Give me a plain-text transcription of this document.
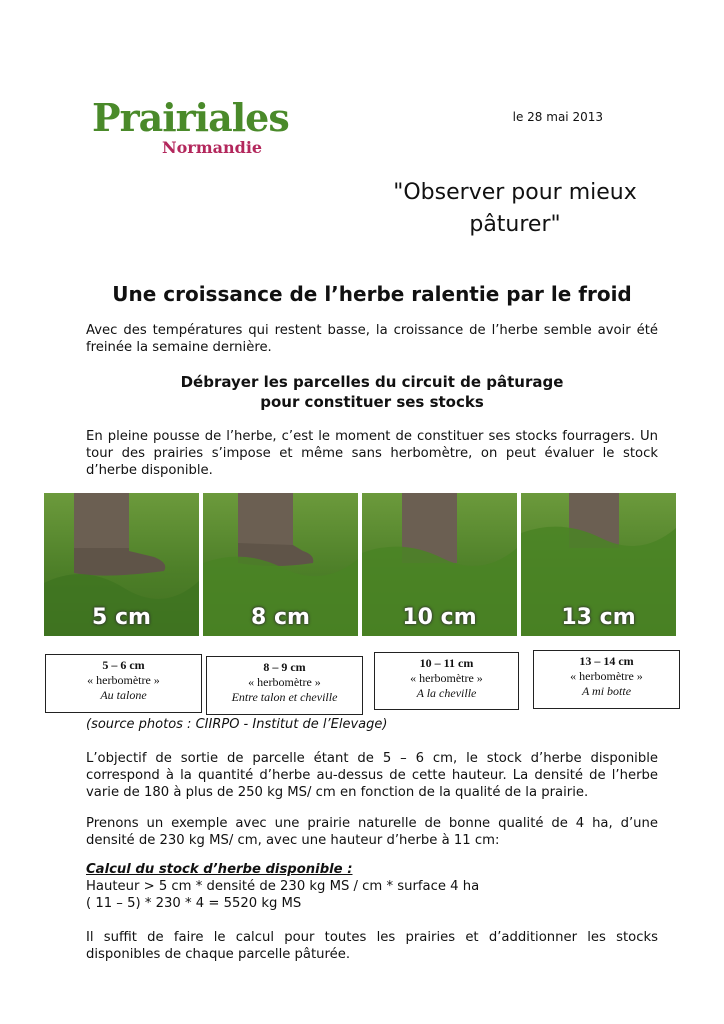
Prairiales
Normandie
le 28 mai 2013
"Observer pour mieux pâturer"
Une croissance de l’herbe ralentie par le froid

Avec des températures qui restent basse, la croissance de l’herbe semble avoir été freinée la semaine dernière.

Débrayer les parcelles du circuit de pâturage
pour constituer ses stocks

En pleine pousse de l’herbe, c’est le moment de constituer ses stocks fourragers. Un tour des prairies s’impose et même sans herbomètre, on peut évaluer le stock d’herbe disponible.

5 cm	8 cm	10 cm	13 cm
5 – 6 cm
« herbomètre »
Au talone
8 – 9 cm
« herbomètre »
Entre talon et cheville
10 – 11 cm
« herbomètre »
A la cheville
13 – 14 cm
« herbomètre »
A mi botte
(source photos : CIIRPO - Institut de l’Elevage)

L’objectif de sortie de parcelle étant de 5 – 6 cm, le stock d’herbe disponible correspond à la quantité d’herbe au-dessus de cette hauteur. La densité de l’herbe varie de 180 à plus de 250 kg MS/ cm en fonction de la qualité de la prairie.

Prenons un exemple avec une prairie naturelle de bonne qualité de 4 ha, d’une densité de 230 kg MS/ cm, avec une hauteur d’herbe à 11 cm:

Calcul du stock d’herbe disponible :
Hauteur > 5 cm * densité de 230 kg MS / cm * surface 4 ha
( 11 – 5) * 230 * 4 = 5520 kg MS

Il suffit de faire le calcul pour toutes les prairies et d’additionner les stocks disponibles de chaque parcelle pâturée.
